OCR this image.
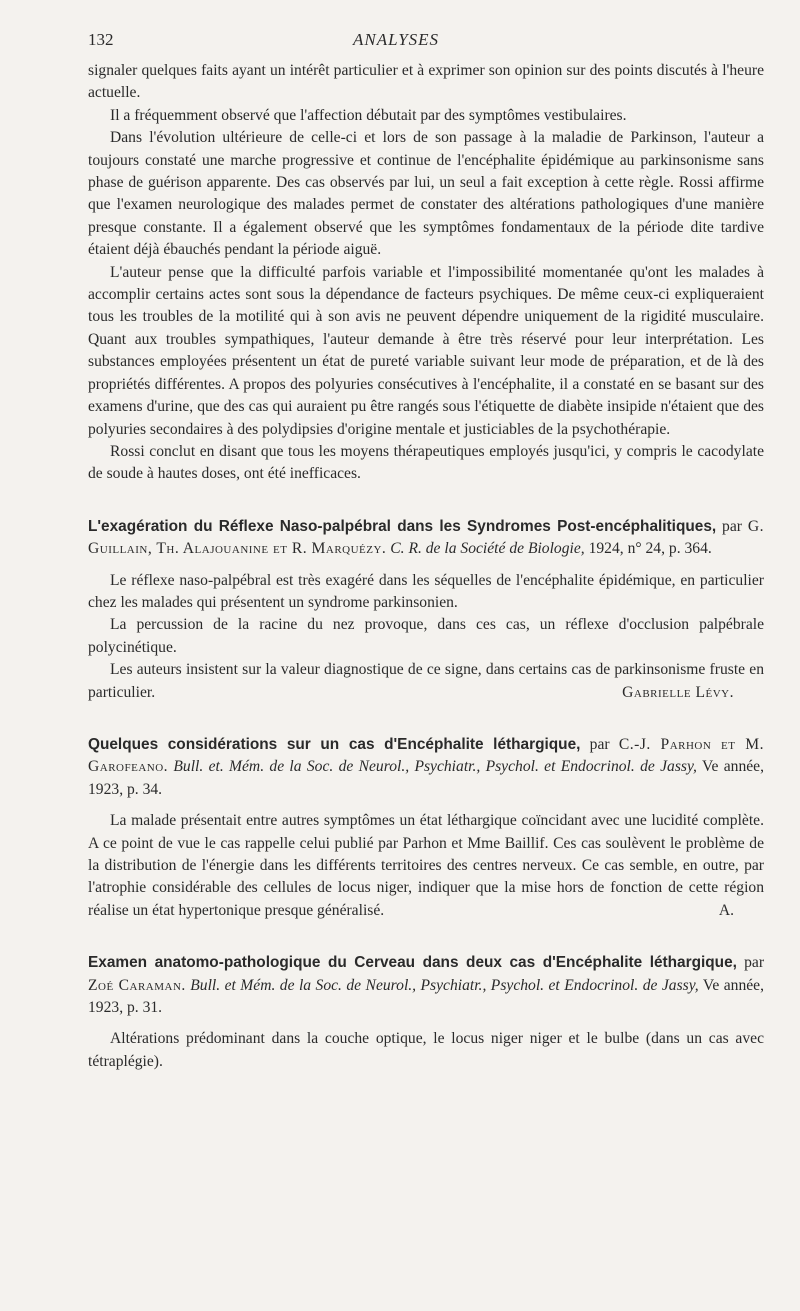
132	ANALYSES

signaler quelques faits ayant un intérêt particulier et à exprimer son opinion sur des points discutés à l'heure actuelle.

Il a fréquemment observé que l'affection débutait par des symptômes vestibulaires.

Dans l'évolution ultérieure de celle-ci et lors de son passage à la maladie de Parkinson, l'auteur a toujours constaté une marche progressive et continue de l'encéphalite épidémique au parkinsonisme sans phase de guérison apparente. Des cas observés par lui, un seul a fait exception à cette règle. Rossi affirme que l'examen neurologique des malades permet de constater des altérations pathologiques d'une manière presque constante. Il a également observé que les symptômes fondamentaux de la période dite tardive étaient déjà ébauchés pendant la période aiguë.

L'auteur pense que la difficulté parfois variable et l'impossibilité momentanée qu'ont les malades à accomplir certains actes sont sous la dépendance de facteurs psychiques. De même ceux-ci expliqueraient tous les troubles de la motilité qui à son avis ne peuvent dépendre uniquement de la rigidité musculaire. Quant aux troubles sympathiques, l'auteur demande à être très réservé pour leur interprétation. Les substances employées présentent un état de pureté variable suivant leur mode de préparation, et de là des propriétés différentes. A propos des polyuries consécutives à l'encéphalite, il a constaté en se basant sur des examens d'urine, que des cas qui auraient pu être rangés sous l'étiquette de diabète insipide n'étaient que des polyuries secondaires à des polydipsies d'origine mentale et justiciables de la psychothérapie.

Rossi conclut en disant que tous les moyens thérapeutiques employés jusqu'ici, y compris le cacodylate de soude à hautes doses, ont été inefficaces.

L'exagération du Réflexe Naso-palpébral dans les Syndromes Post-encéphalitiques, par G. Guillain, Th. Alajouanine et R. Marquézy. C. R. de la Société de Biologie, 1924, n° 24, p. 364.

Le réflexe naso-palpébral est très exagéré dans les séquelles de l'encéphalite épidémique, en particulier chez les malades qui présentent un syndrome parkinsonien.

La percussion de la racine du nez provoque, dans ces cas, un réflexe d'occlusion palpébrale polycinétique.

Les auteurs insistent sur la valeur diagnostique de ce signe, dans certains cas de parkinsonisme fruste en particulier.	Gabrielle Lévy.

Quelques considérations sur un cas d'Encéphalite léthargique, par C.-J. Parhon et M. Garofeano. Bull. et. Mém. de la Soc. de Neurol., Psychiatr., Psychol. et Endocrinol. de Jassy, Ve année, 1923, p. 34.

La malade présentait entre autres symptômes un état léthargique coïncidant avec une lucidité complète. A ce point de vue le cas rappelle celui publié par Parhon et Mme Baillif. Ces cas soulèvent le problème de la distribution de l'énergie dans les différents territoires des centres nerveux. Ce cas semble, en outre, par l'atrophie considérable des cellules de locus niger, indiquer que la mise hors de fonction de cette région réalise un état hypertonique presque généralisé.	A.

Examen anatomo-pathologique du Cerveau dans deux cas d'Encéphalite léthargique, par Zoé Caraman. Bull. et Mém. de la Soc. de Neurol., Psychiatr., Psychol. et Endocrinol. de Jassy, Ve année, 1923, p. 31.

Altérations prédominant dans la couche optique, le locus niger niger et le bulbe (dans un cas avec tétraplégie).
